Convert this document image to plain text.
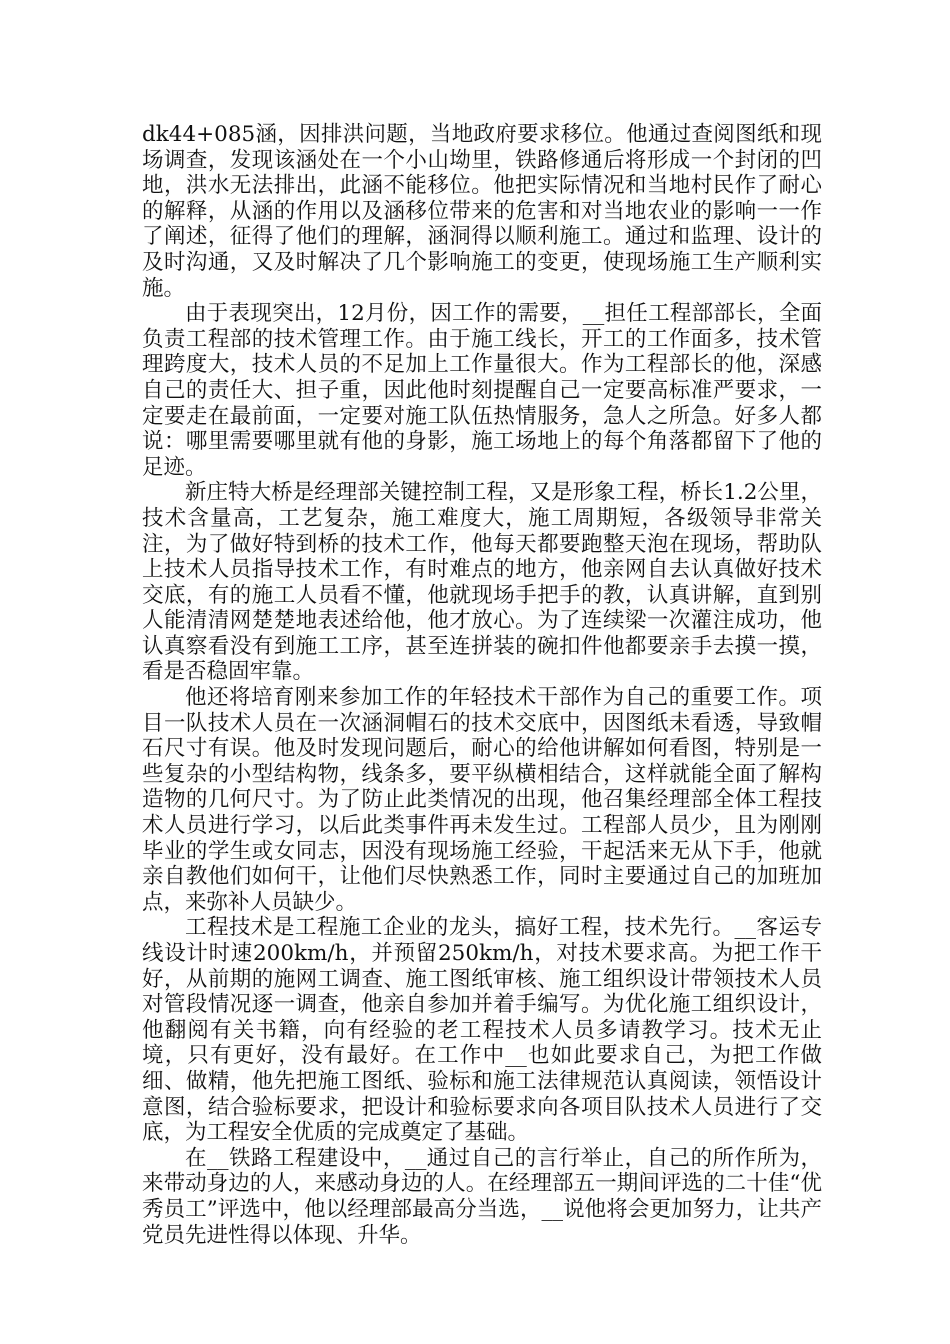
dk44+085涵，因排洪问题，当地政府要求移位。他通过查阅图纸和现场调查，发现该涵处在一个小山坳里，铁路修通后将形成一个封闭的凹地，洪水无法排出，此涵不能移位。他把实际情况和当地村民作了耐心的解释，从涵的作用以及涵移位带来的危害和对当地农业的影响一一作了阐述，征得了他们的理解，涵洞得以顺利施工。通过和监理、设计的及时沟通，又及时解决了几个影响施工的变更，使现场施工生产顺利实施。

由于表现突出，12月份，因工作的需要，__担任工程部部长，全面负责工程部的技术管理工作。由于施工线长，开工的工作面多，技术管理跨度大，技术人员的不足加上工作量很大。作为工程部长的他，深感自己的责任大、担子重，因此他时刻提醒自己一定要高标准严要求，一定要走在最前面，一定要对施工队伍热情服务，急人之所急。好多人都说：哪里需要哪里就有他的身影，施工场地上的每个角落都留下了他的足迹。

新庄特大桥是经理部关键控制工程，又是形象工程，桥长1.2公里，技术含量高，工艺复杂，施工难度大，施工周期短，各级领导非常关注，为了做好特到桥的技术工作，他每天都要跑整天泡在现场，帮助队上技术人员指导技术工作，有时难点的地方，他亲网自去认真做好技术交底，有的施工人员看不懂，他就现场手把手的教，认真讲解，直到别人能清清网楚楚地表述给他，他才放心。为了连续梁一次灌注成功，他认真察看没有到施工工序，甚至连拼装的碗扣件他都要亲手去摸一摸，看是否稳固牢靠。

他还将培育刚来参加工作的年轻技术干部作为自己的重要工作。项目一队技术人员在一次涵洞帽石的技术交底中，因图纸未看透，导致帽石尺寸有误。他及时发现问题后，耐心的给他讲解如何看图，特别是一些复杂的小型结构物，线条多，要平纵横相结合，这样就能全面了解构造物的几何尺寸。为了防止此类情况的出现，他召集经理部全体工程技术人员进行学习，以后此类事件再未发生过。工程部人员少，且为刚刚毕业的学生或女同志，因没有现场施工经验，干起活来无从下手，他就亲自教他们如何干，让他们尽快熟悉工作，同时主要通过自己的加班加点，来弥补人员缺少。

工程技术是工程施工企业的龙头，搞好工程，技术先行。__客运专线设计时速200km/h，并预留250km/h，对技术要求高。为把工作干好，从前期的施网工调查、施工图纸审核、施工组织设计带领技术人员对管段情况逐一调查，他亲自参加并着手编写。为优化施工组织设计，他翻阅有关书籍，向有经验的老工程技术人员多请教学习。技术无止境，只有更好，没有最好。在工作中__也如此要求自己，为把工作做细、做精，他先把施工图纸、验标和施工法律规范认真阅读，领悟设计意图，结合验标要求，把设计和验标要求向各项目队技术人员进行了交底，为工程安全优质的完成奠定了基础。

在__铁路工程建设中，__通过自己的言行举止，自己的所作所为，来带动身边的人，来感动身边的人。在经理部五一期间评选的二十佳“优秀员工”评选中，他以经理部最高分当选，__说他将会更加努力，让共产党员先进性得以体现、升华。
